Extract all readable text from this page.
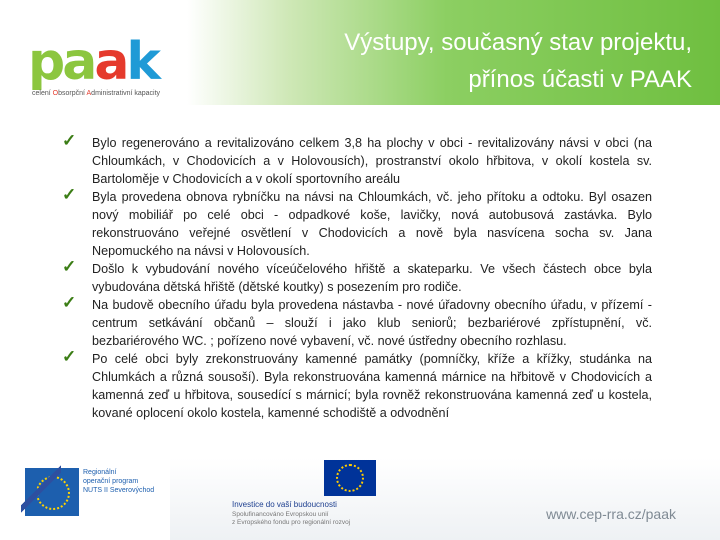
paak
celení Obsorpční Administrativní kapacity
Výstupy, současný stav projektu,
přínos účasti v PAAK
✓ Bylo regenerováno a revitalizováno celkem 3,8 ha plochy v obci - revitalizovány návsi v obci (na Chloumkách, v Chodovicích a v Holovousích), prostranství okolo hřbitova, v okolí kostela sv. Bartoloměje v Chodovicích a v okolí sportovního areálu
✓ Byla provedena obnova rybníčku na návsi na Chloumkách, vč. jeho přítoku a odtoku. Byl osazen nový mobiliář po celé obci - odpadkové koše, lavičky, nová autobusová zastávka. Bylo rekonstruováno veřejné osvětlení v Chodovicích a nově byla nasvícena socha sv. Jana Nepomuckého na návsi v Holovousích.
✓ Došlo k vybudování nového víceúčelového hřiště a skateparku. Ve všech částech obce byla vybudována dětská hřiště (dětské koutky) s posezením pro rodiče.
✓ Na budově obecního úřadu byla provedena nástavba - nové úřadovny obecního úřadu, v přízemí - centrum setkávání občanů – slouží i jako klub seniorů; bezbariérové zpřístupnění, vč. bezbariérového WC. ; pořízeno nové vybavení, vč. nové ústředny obecního rozhlasu.
✓ Po celé obci byly zrekonstruovány kamenné památky (pomníčky, kříže a křížky, studánka na Chlumkách a různá sousoší). Byla rekonstruována kamenná márnice na hřbitově v Chodovicích a kamenná zeď u hřbitova, sousedící s márnicí; byla rovněž rekonstruována kamenná zeď u kostela, kované oplocení okolo kostela, kamenné schodiště a odvodnění
Regionální
operační program
NUTS II Severovýchod
Investice do vaší budoucnosti
Spolufinancováno Evropskou unií
z Evropského fondu pro regionální rozvoj
www.cep-rra.cz/paak
